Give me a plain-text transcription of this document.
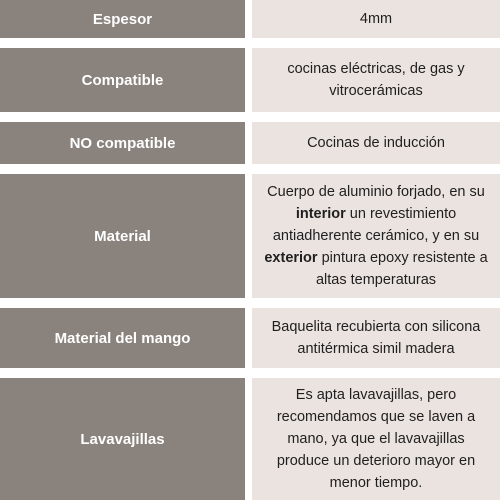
Espesor	4mm
Compatible
cocinas eléctricas, de gas y vitrocerámicas
NO compatible	Cocinas de inducción
Material
Cuerpo de aluminio forjado, en su interior un revestimiento antiadherente cerámico, y en su exterior pintura epoxy resistente a altas temperaturas
Material del mango
Baquelita recubierta con silicona antitérmica simil madera
Lavavajillas
Es apta lavavajillas, pero recomendamos que se laven a mano, ya que el lavavajillas produce un deterioro mayor en menor tiempo.
